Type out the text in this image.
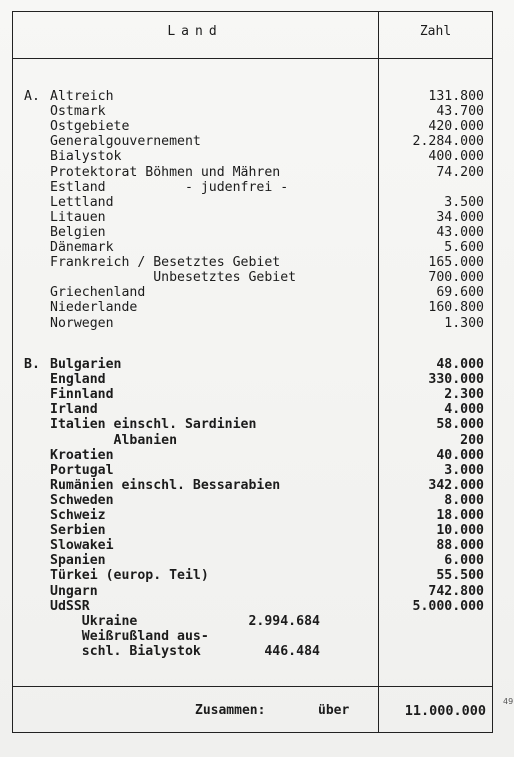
Land	Zahl
A. Altreich	131.800
Ostmark	43.700
Ostgebiete	420.000
Generalgouvernement	2.284.000
Bialystok	400.000
Protektorat Böhmen und Mähren	74.200
Estland          - judenfrei -
Lettland	3.500
Litauen	34.000
Belgien	43.000
Dänemark	5.600
Frankreich / Besetztes Gebiet	165.000
Unbesetztes Gebiet	700.000
Griechenland	69.600
Niederlande	160.800
Norwegen	1.300
B. Bulgarien	48.000
England	330.000
Finnland	2.300
Irland	4.000
Italien einschl. Sardinien	58.000
Albanien	200
Kroatien	40.000
Portugal	3.000
Rumänien einschl. Bessarabien	342.000
Schweden	8.000
Schweiz	18.000
Serbien	10.000
Slowakei	88.000
Spanien	6.000
Türkei (europ. Teil)	55.500
Ungarn	742.800
UdSSR	5.000.000
Ukraine              2.994.684
Weißrußland aus-
schl. Bialystok        446.484
Zusammen:	über	11.000.000
49
